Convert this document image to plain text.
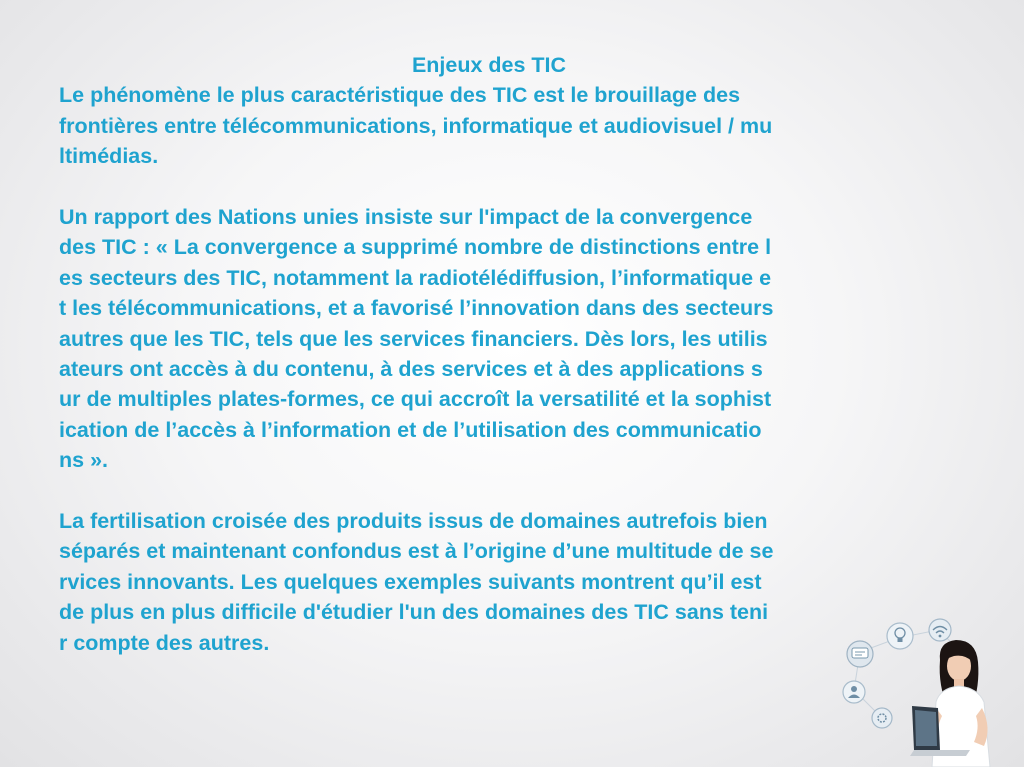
Enjeux des TIC
Le phénomène le plus caractéristique des TIC est le brouillage des
frontières entre télécommunications, informatique et audiovisuel / mu
ltimédias.
Un rapport des Nations unies insiste sur l'impact de la convergence
des TIC : « La convergence a supprimé nombre de distinctions entre l
es secteurs des TIC, notamment la radiotélédiffusion, l’informatique e
t les télécommunications, et a favorisé l’innovation dans des secteurs
autres que les TIC, tels que les services financiers. Dès lors, les utilis
ateurs ont accès à du contenu, à des services et à des applications s
ur de multiples plates-formes, ce qui accroît la versatilité et la sophist
ication de l’accès à l’information et de l’utilisation des communicatio
ns ».
La fertilisation croisée des produits issus de domaines autrefois bien
séparés et maintenant confondus est à l’origine d’une multitude de se
rvices innovants. Les quelques exemples suivants montrent qu’il est
de plus en plus difficile d'étudier l'un des domaines des TIC sans teni
r compte des autres.
